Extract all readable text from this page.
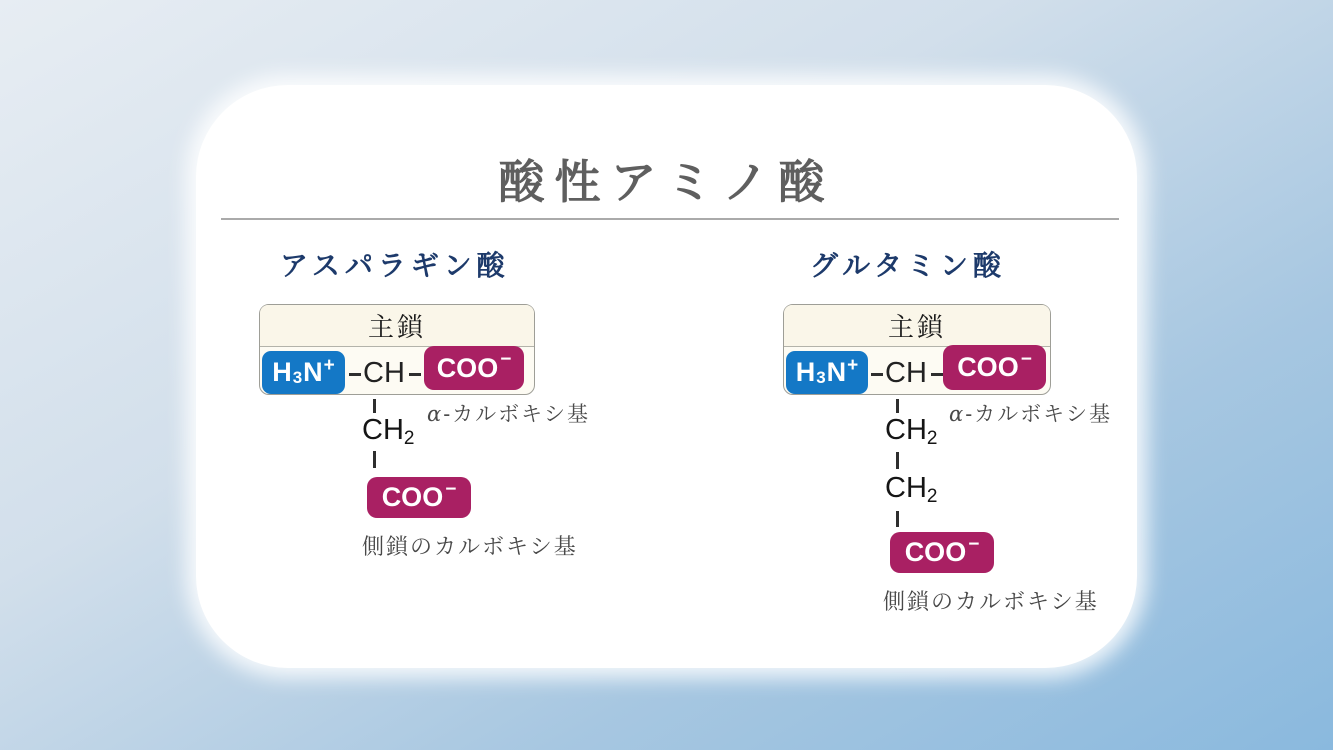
酸性アミノ酸
アスパラギン酸
主鎖
H 3 N + CH COO −
α-カルボキシ基
$CH_2$
COO −
側鎖のカルボキシ基
グルタミン酸
主鎖
H 3 N + CH COO −
α-カルボキシ基
$CH_2$
$CH_2$
COO −
側鎖のカルボキシ基
